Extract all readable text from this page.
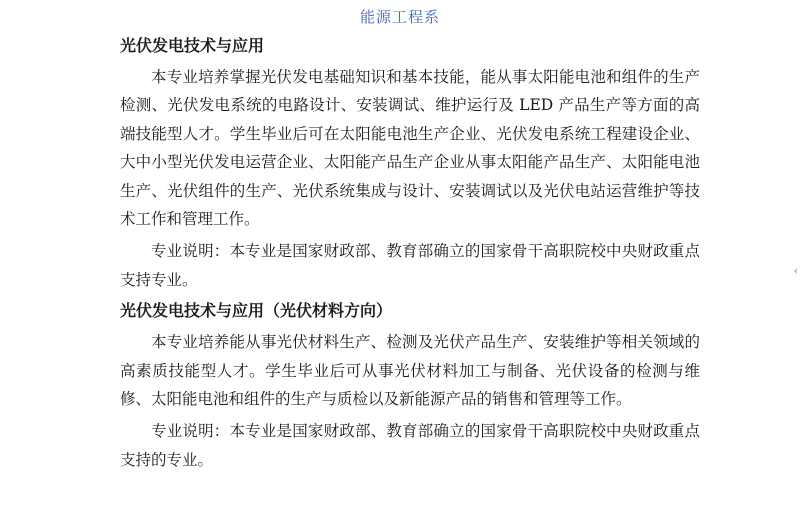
能源工程系
光伏发电技术与应用

本专业培养掌握光伏发电基础知识和基本技能，能从事太阳能电池和组件的生产检测、光伏发电系统的电路设计、安装调试、维护运行及 LED 产品生产等方面的高端技能型人才。学生毕业后可在太阳能电池生产企业、光伏发电系统工程建设企业、大中小型光伏发电运营企业、太阳能产品生产企业从事太阳能产品生产、太阳能电池生产、光伏组件的生产、光伏系统集成与设计、安装调试以及光伏电站运营维护等技术工作和管理工作。

专业说明：本专业是国家财政部、教育部确立的国家骨干高职院校中央财政重点支持专业。

光伏发电技术与应用（光伏材料方向）

本专业培养能从事光伏材料生产、检测及光伏产品生产、安装维护等相关领域的高素质技能型人才。学生毕业后可从事光伏材料加工与制备、光伏设备的检测与维修、太阳能电池和组件的生产与质检以及新能源产品的销售和管理等工作。

专业说明：本专业是国家财政部、教育部确立的国家骨干高职院校中央财政重点支持的专业。

‹
